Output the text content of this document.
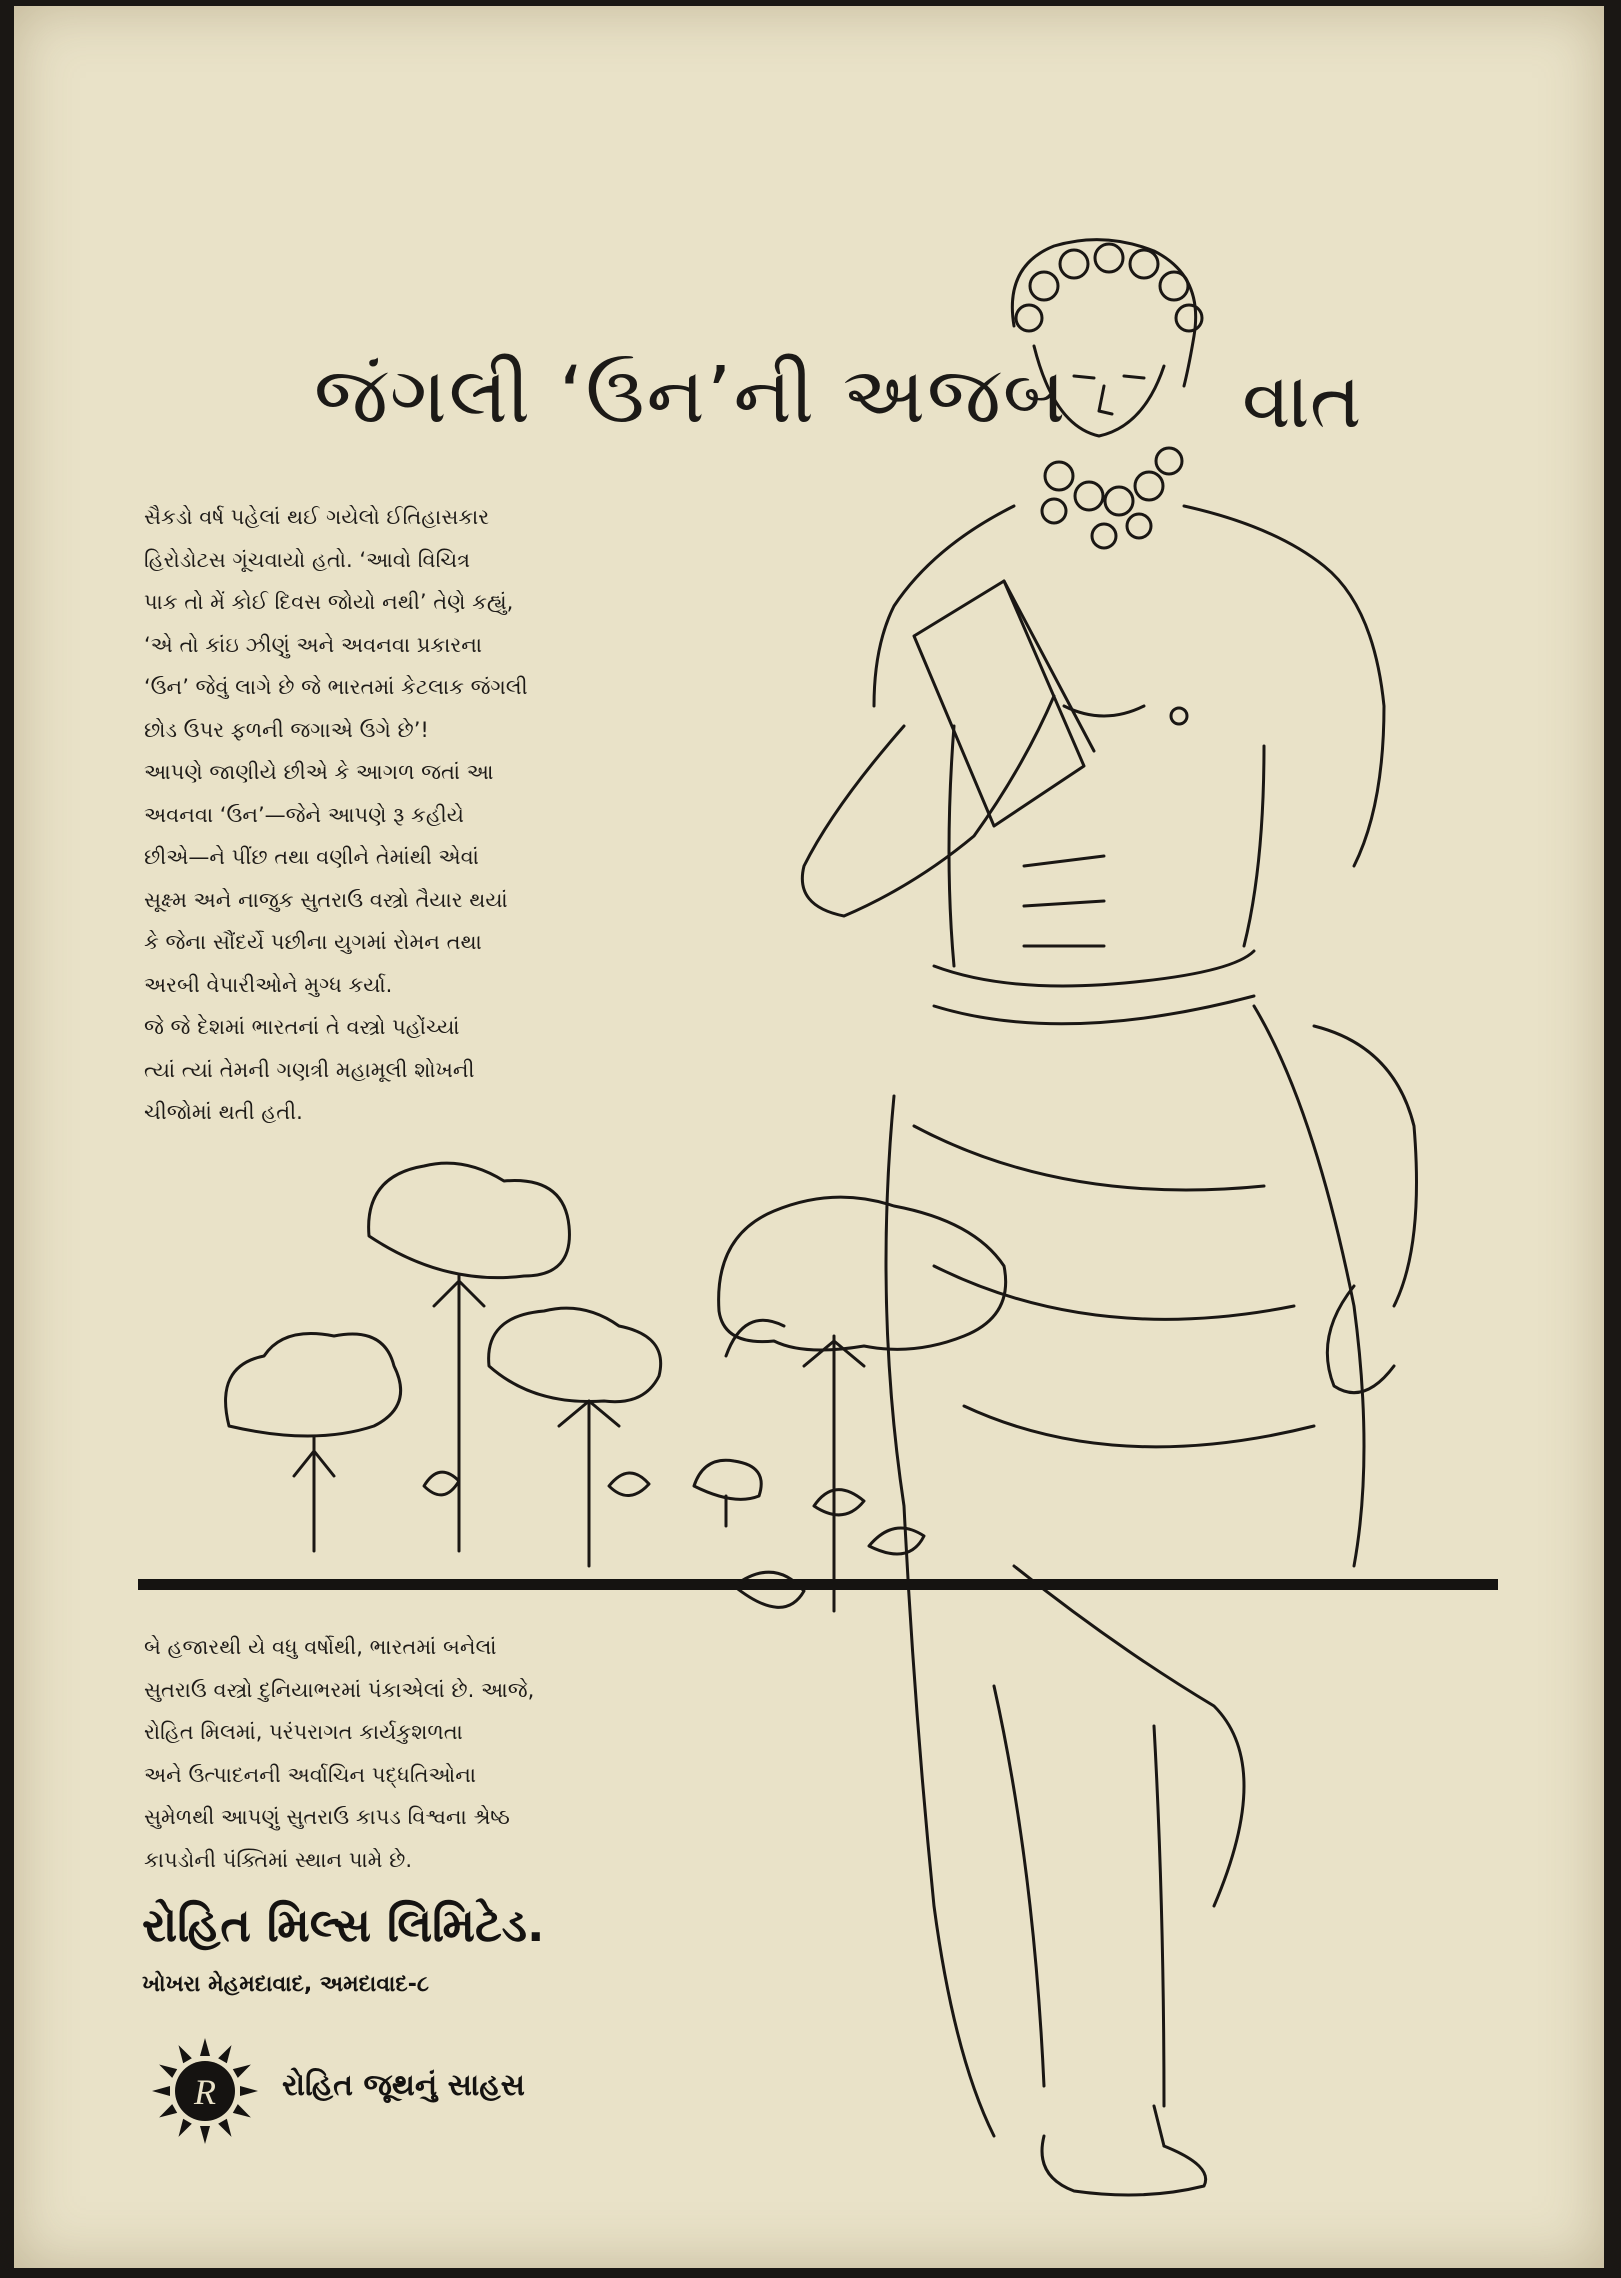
જંગલી ‘ઉન’ની અજબ વાત

સૈકડો વર્ષ પહેલાં થઈ ગયેલો ઈતિહાસકાર

હિરોડોટસ ગૂંચવાયો હતો. ‘આવો વિચિત્ર

પાક તો મેં કોઈ દિવસ જોયો નથી’ તેણે કહ્યું,

‘એ તો કાંઇ ઝીણું અને અવનવા પ્રકારના

‘ઉન’ જેવું લાગે છે જે ભારતમાં કેટલાક જંગલી

છોડ ઉપર ફળની જગાએ ઉગે છે’!

આપણે જાણીયે છીએ કે આગળ જતાં આ

અવનવા ‘ઉન’—જેને આપણે રૂ કહીયે

છીએ—ને પીંછ તથા વણીને તેમાંથી એવાં

સૂક્ષ્મ અને નાજુક સુતરાઉ વસ્ત્રો તૈયાર થયાં

કે જેના સૌંદર્યે પછીના યુગમાં રોમન તથા

અરબી વેપારીઓને મુગ્ધ કર્યા.

જે જે દેશમાં ભારતનાં તે વસ્ત્રો પહોંચ્યાં

ત્યાં ત્યાં તેમની ગણત્રી મહામૂલી શોખની

ચીજોમાં થતી હતી.

બે હજારથી યે વધુ વર્ષોથી, ભારતમાં બનેલાં

સુતરાઉ વસ્ત્રો દુનિયાભરમાં પંકાએલાં છે. આજે,

રોહિત મિલમાં, પરંપરાગત કાર્યકુશળતા

અને ઉત્પાદનની અર્વાચિન પદ્ધતિઓના

સુમેળથી આપણું સુતરાઉ કાપડ વિશ્વના શ્રેષ્ઠ

કાપડોની પંક્તિમાં સ્થાન પામે છે.

રોહિત મિલ્સ લિમિટેડ.
ખોખરા મેહમદાવાદ, અમદાવાદ-૮
R રોહિત જૂથનું સાહસ
